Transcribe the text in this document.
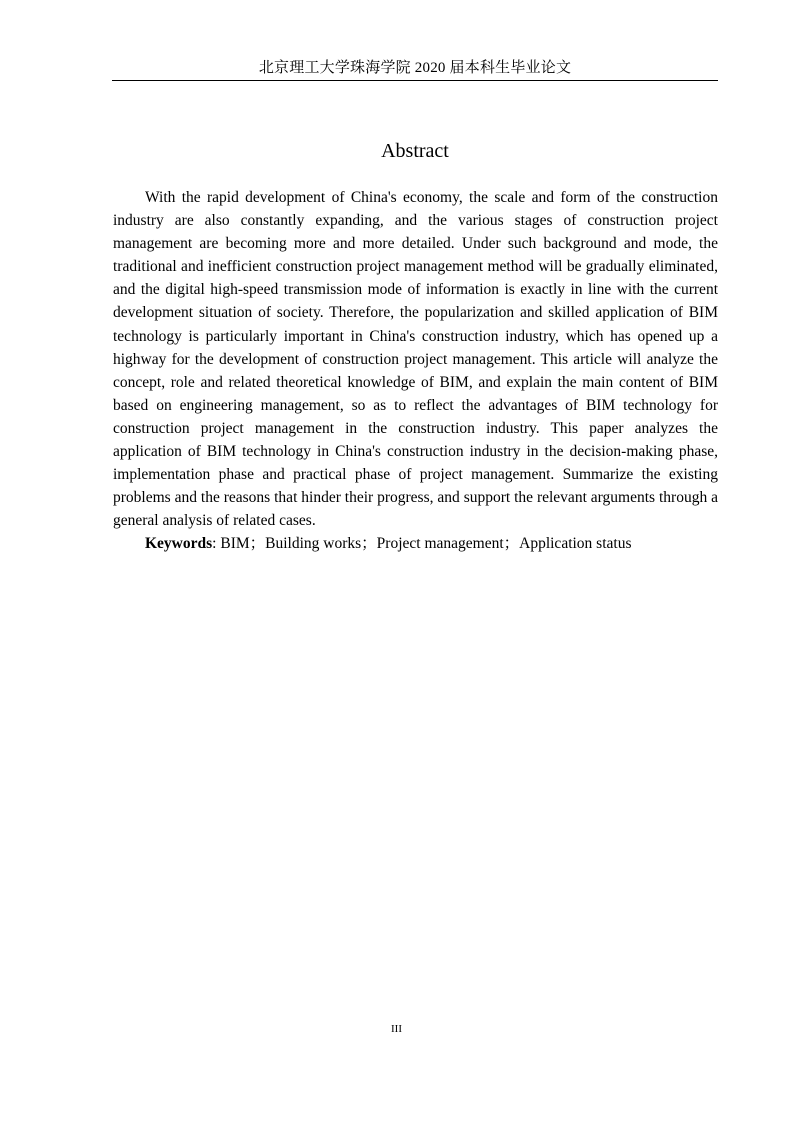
北京理工大学珠海学院 2020 届本科生毕业论文
Abstract

With the rapid development of China's economy, the scale and form of the construction industry are also constantly expanding, and the various stages of construction project management are becoming more and more detailed. Under such background and mode, the traditional and inefficient construction project management method will be gradually eliminated, and the digital high-speed transmission mode of information is exactly in line with the current development situation of society. Therefore, the popularization and skilled application of BIM technology is particularly important in China's construction industry, which has opened up a highway for the development of construction project management. This article will analyze the concept, role and related theoretical knowledge of BIM, and explain the main content of BIM based on engineering management, so as to reflect the advantages of BIM technology for construction project management in the construction industry. This paper analyzes the application of BIM technology in China's construction industry in the decision-making phase, implementation phase and practical phase of project management. Summarize the existing problems and the reasons that hinder their progress, and support the relevant arguments through a general analysis of related cases.

Keywords: BIM；Building works；Project management；Application status

III
